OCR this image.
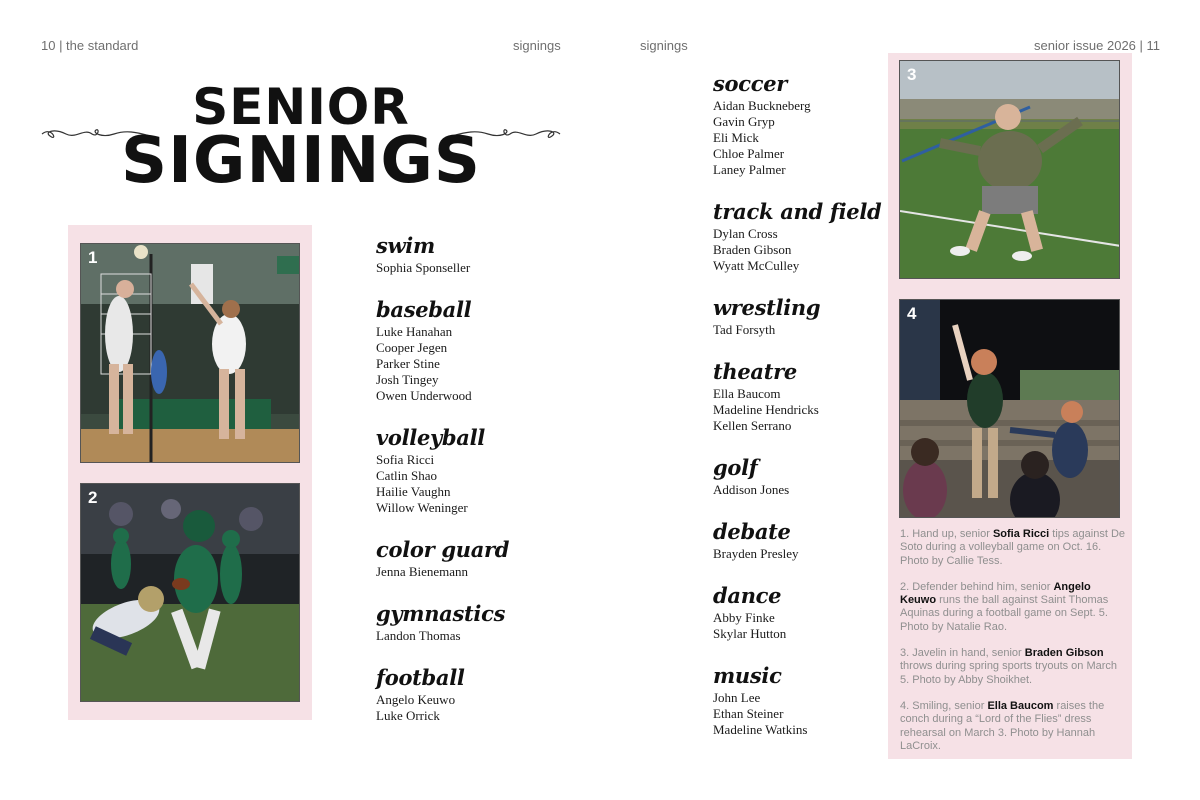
10 | the standard	signings	signings	senior issue 2026 | 11
SENIOR
SIGNINGS
1
2
3
4
swim
Sophia Sponseller
baseball
Luke Hanahan
Cooper Jegen
Parker Stine
Josh Tingey
Owen Underwood
volleyball
Sofia Ricci
Catlin Shao
Hailie Vaughn
Willow Weninger
color guard
Jenna Bienemann
gymnastics
Landon Thomas
football
Angelo Keuwo
Luke Orrick
soccer
Aidan Buckneberg
Gavin Gryp
Eli Mick
Chloe Palmer
Laney Palmer
track and field
Dylan Cross
Braden Gibson
Wyatt McCulley
wrestling
Tad Forsyth
theatre
Ella Baucom
Madeline Hendricks
Kellen Serrano
golf
Addison Jones
debate
Brayden Presley
dance
Abby Finke
Skylar Hutton
music
John Lee
Ethan Steiner
Madeline Watkins

1. Hand up, senior Sofia Ricci tips against De Soto during a volleyball game on Oct. 16. Photo by Callie Tess.

2. Defender behind him, senior Angelo Keuwo runs the ball against Saint Thomas Aquinas during a football game on Sept. 5. Photo by Natalie Rao.

3. Javelin in hand, senior Braden Gibson throws during spring sports tryouts on March 5. Photo by Abby Shoikhet.

4. Smiling, senior Ella Baucom raises the conch during a “Lord of the Flies” dress rehearsal on March 3. Photo by Hannah LaCroix.
